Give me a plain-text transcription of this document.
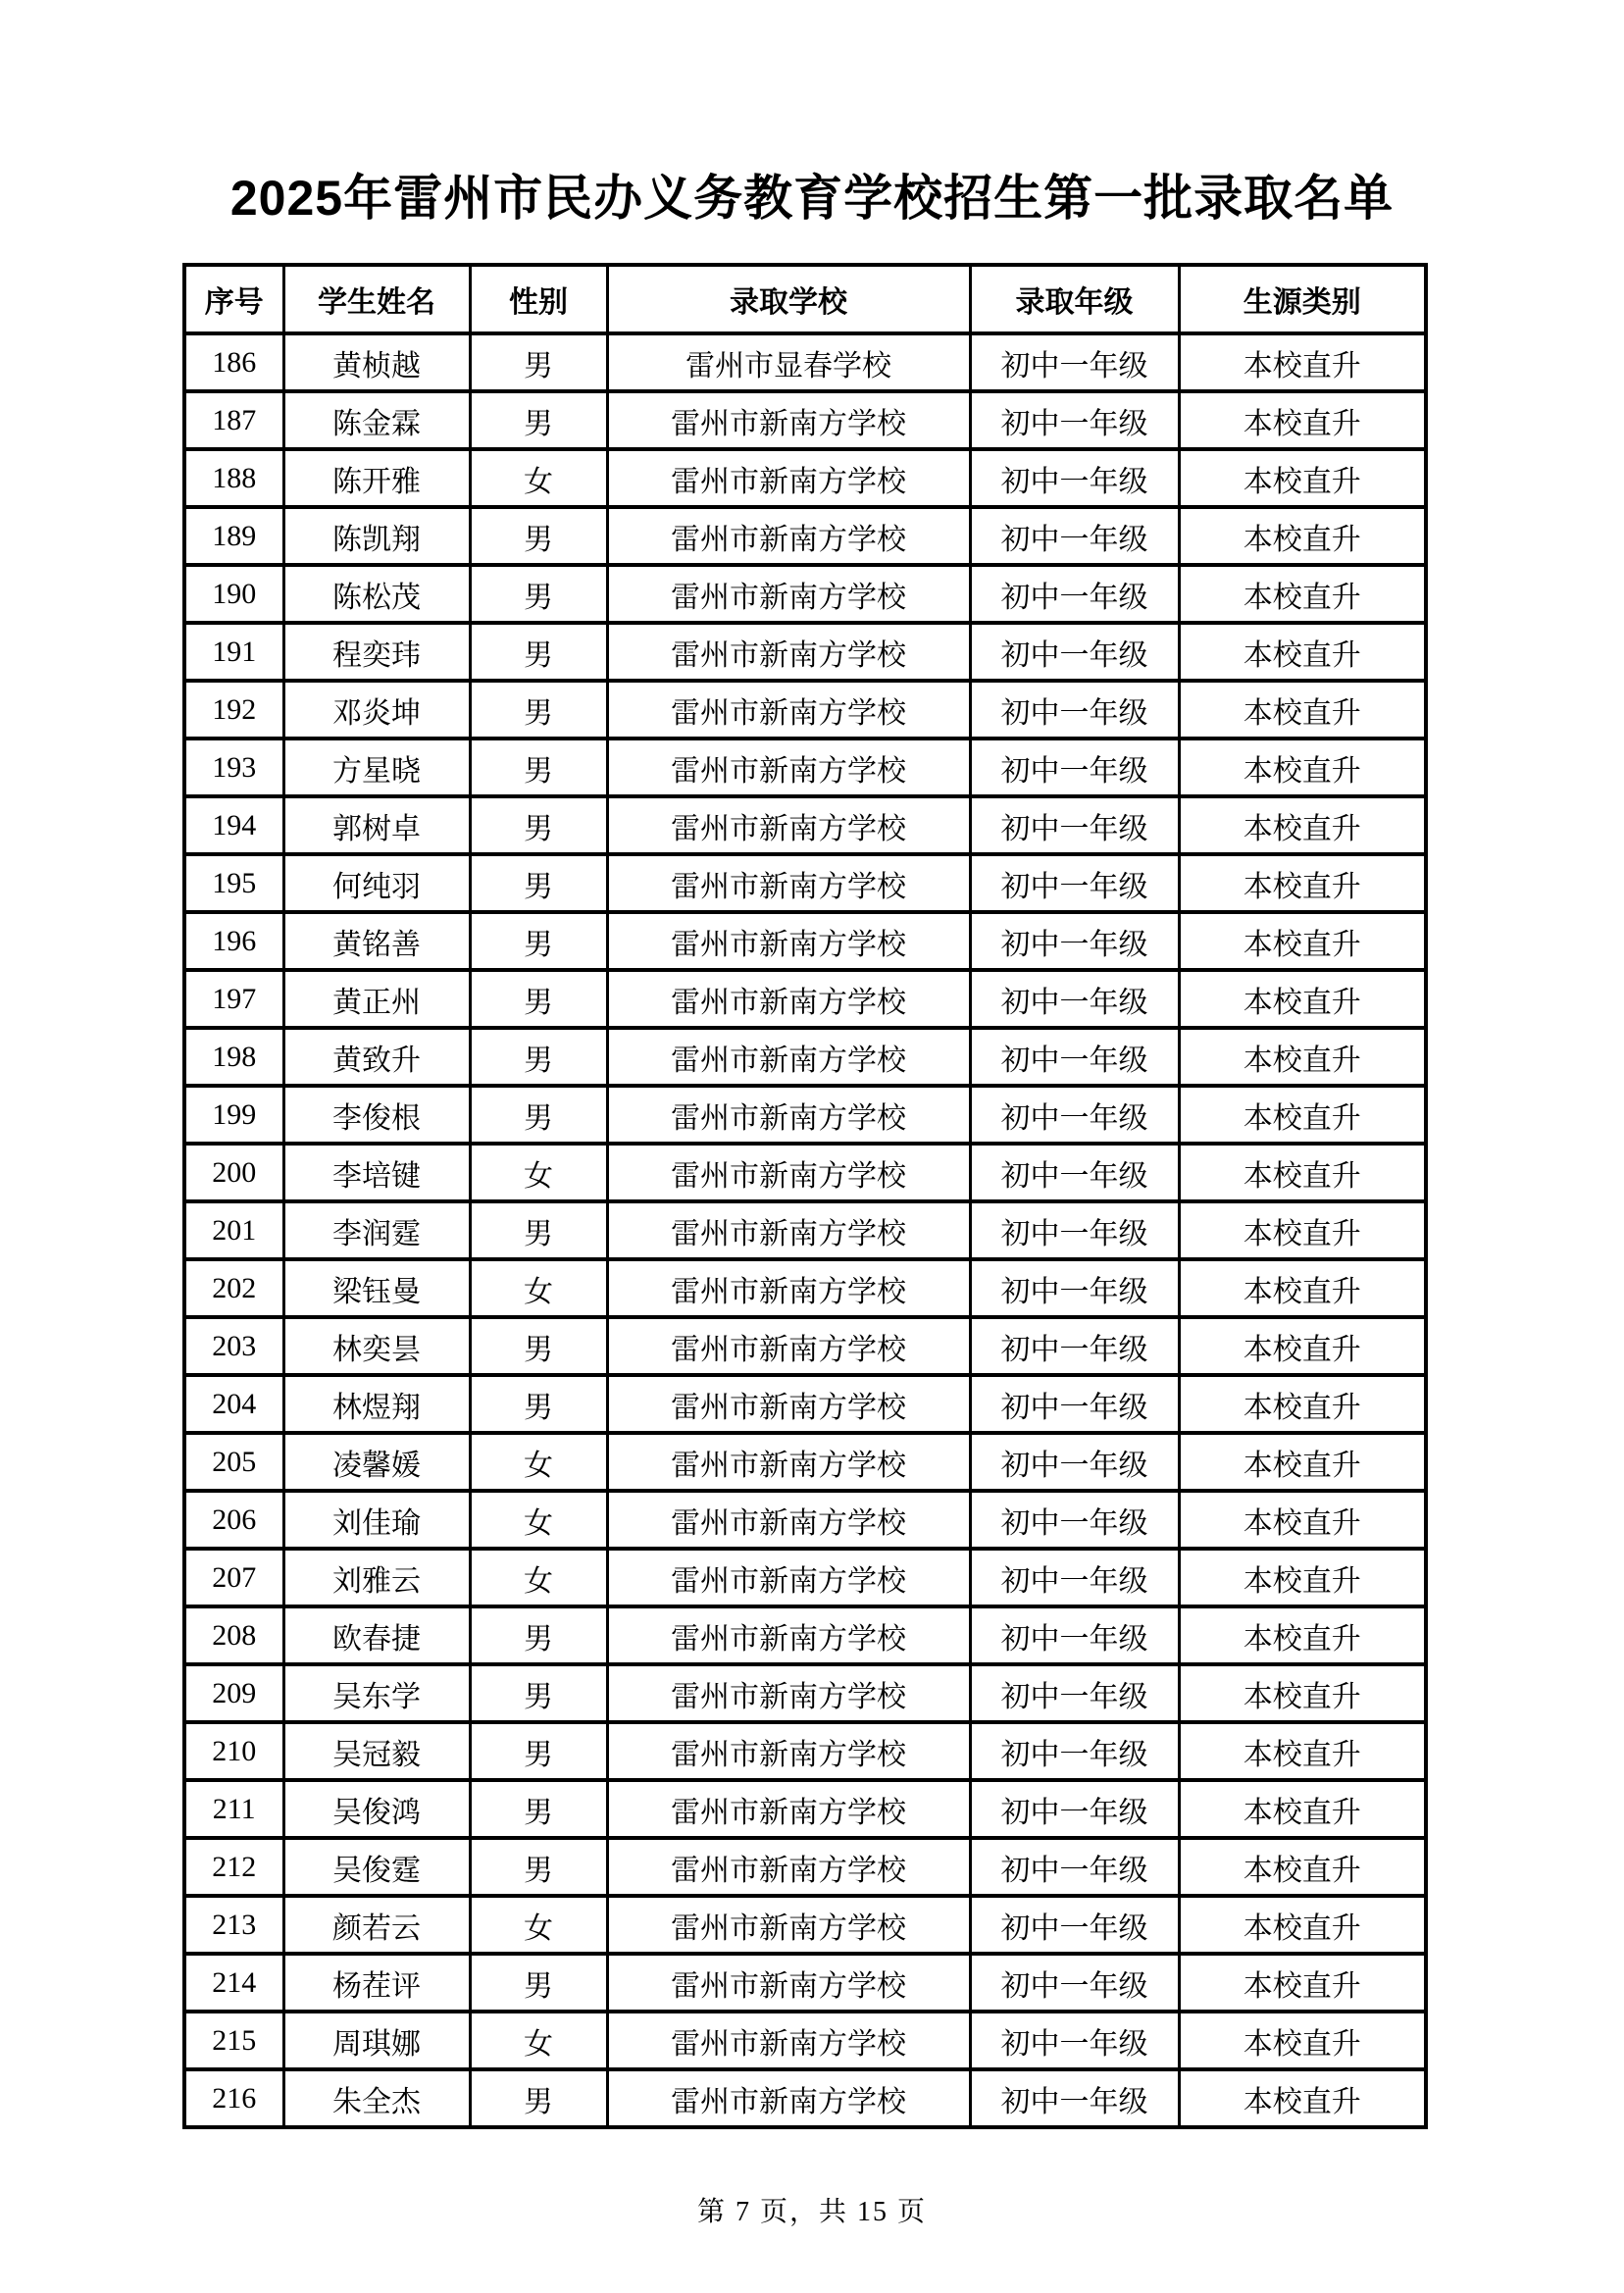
2025年雷州市民办义务教育学校招生第一批录取名单
序号	学生姓名	性别	录取学校	录取年级	生源类别
186	黄桢越	男	雷州市显春学校	初中一年级	本校直升
187	陈金霖	男	雷州市新南方学校	初中一年级	本校直升
188	陈开雅	女	雷州市新南方学校	初中一年级	本校直升
189	陈凯翔	男	雷州市新南方学校	初中一年级	本校直升
190	陈松茂	男	雷州市新南方学校	初中一年级	本校直升
191	程奕玮	男	雷州市新南方学校	初中一年级	本校直升
192	邓炎坤	男	雷州市新南方学校	初中一年级	本校直升
193	方星晓	男	雷州市新南方学校	初中一年级	本校直升
194	郭树卓	男	雷州市新南方学校	初中一年级	本校直升
195	何纯羽	男	雷州市新南方学校	初中一年级	本校直升
196	黄铭善	男	雷州市新南方学校	初中一年级	本校直升
197	黄正州	男	雷州市新南方学校	初中一年级	本校直升
198	黄致升	男	雷州市新南方学校	初中一年级	本校直升
199	李俊根	男	雷州市新南方学校	初中一年级	本校直升
200	李培键	女	雷州市新南方学校	初中一年级	本校直升
201	李润霆	男	雷州市新南方学校	初中一年级	本校直升
202	梁钰曼	女	雷州市新南方学校	初中一年级	本校直升
203	林奕昙	男	雷州市新南方学校	初中一年级	本校直升
204	林煜翔	男	雷州市新南方学校	初中一年级	本校直升
205	凌馨媛	女	雷州市新南方学校	初中一年级	本校直升
206	刘佳瑜	女	雷州市新南方学校	初中一年级	本校直升
207	刘雅云	女	雷州市新南方学校	初中一年级	本校直升
208	欧春捷	男	雷州市新南方学校	初中一年级	本校直升
209	吴东学	男	雷州市新南方学校	初中一年级	本校直升
210	吴冠毅	男	雷州市新南方学校	初中一年级	本校直升
211	吴俊鸿	男	雷州市新南方学校	初中一年级	本校直升
212	吴俊霆	男	雷州市新南方学校	初中一年级	本校直升
213	颜若云	女	雷州市新南方学校	初中一年级	本校直升
214	杨茬评	男	雷州市新南方学校	初中一年级	本校直升
215	周琪娜	女	雷州市新南方学校	初中一年级	本校直升
216	朱全杰	男	雷州市新南方学校	初中一年级	本校直升
第 7 页，共 15 页
